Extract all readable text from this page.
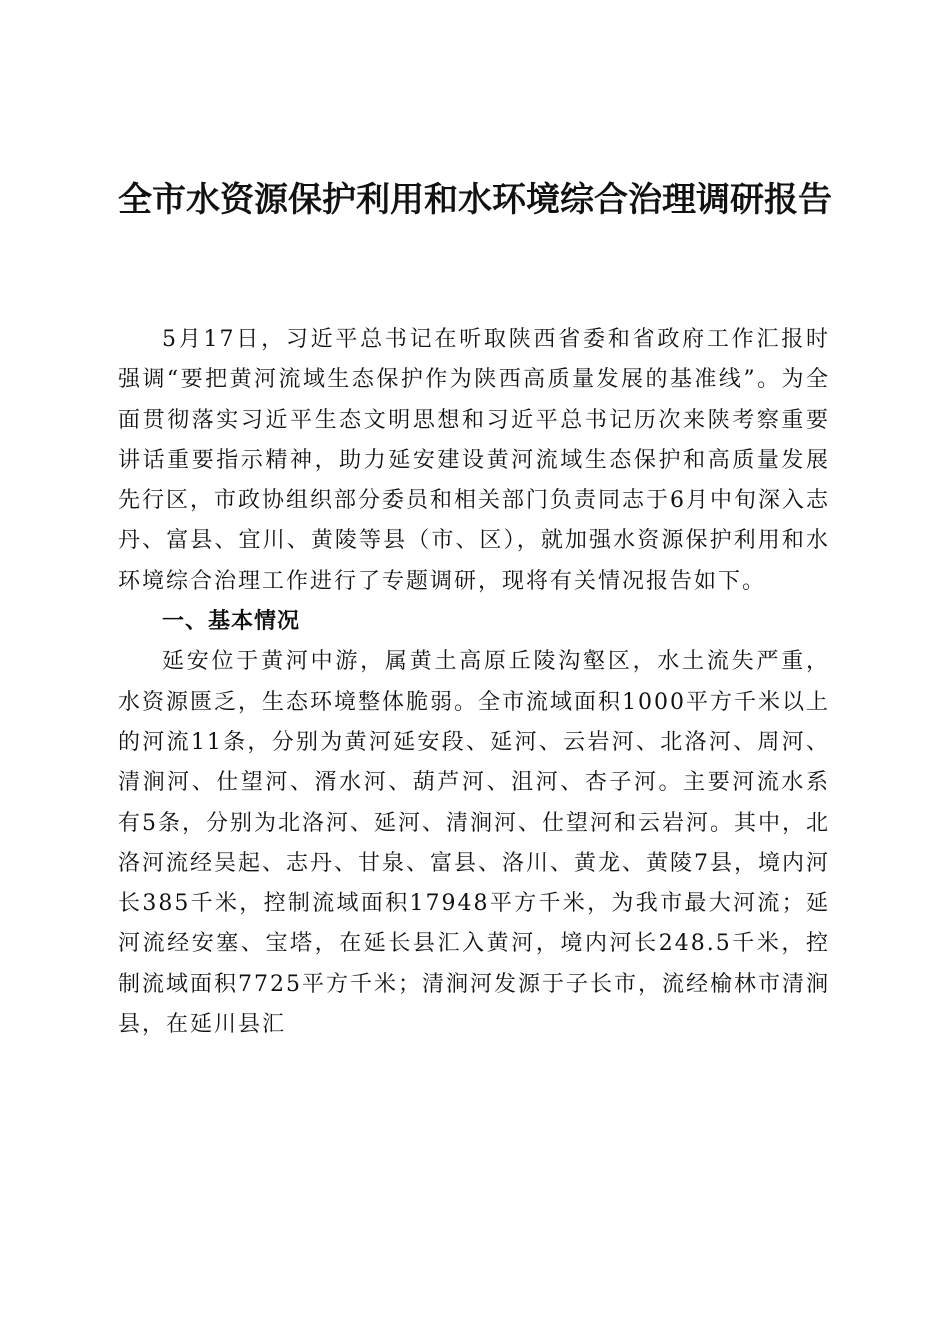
全市水资源保护利用和水环境综合治理调研报告

5月17日，习近平总书记在听取陕西省委和省政府工作汇报时强调“要把黄河流域生态保护作为陕西高质量发展的基准线”。为全面贯彻落实习近平生态文明思想和习近平总书记历次来陕考察重要讲话重要指示精神，助力延安建设黄河流域生态保护和高质量发展先行区，市政协组织部分委员和相关部门负责同志于6月中旬深入志丹、富县、宜川、黄陵等县（市、区），就加强水资源保护利用和水环境综合治理工作进行了专题调研，现将有关情况报告如下。

一、基本情况

延安位于黄河中游，属黄土高原丘陵沟壑区，水土流失严重，水资源匮乏，生态环境整体脆弱。全市流域面积1000平方千米以上的河流11条，分别为黄河延安段、延河、云岩河、北洛河、周河、清涧河、仕望河、湑水河、葫芦河、沮河、杏子河。主要河流水系有5条，分别为北洛河、延河、清涧河、仕望河和云岩河。其中，北洛河流经吴起、志丹、甘泉、富县、洛川、黄龙、黄陵7县，境内河长385千米，控制流域面积17948平方千米，为我市最大河流；延河流经安塞、宝塔，在延长县汇入黄河，境内河长248.5千米，控制流域面积7725平方千米；清涧河发源于子长市，流经榆林市清涧县，在延川县汇
